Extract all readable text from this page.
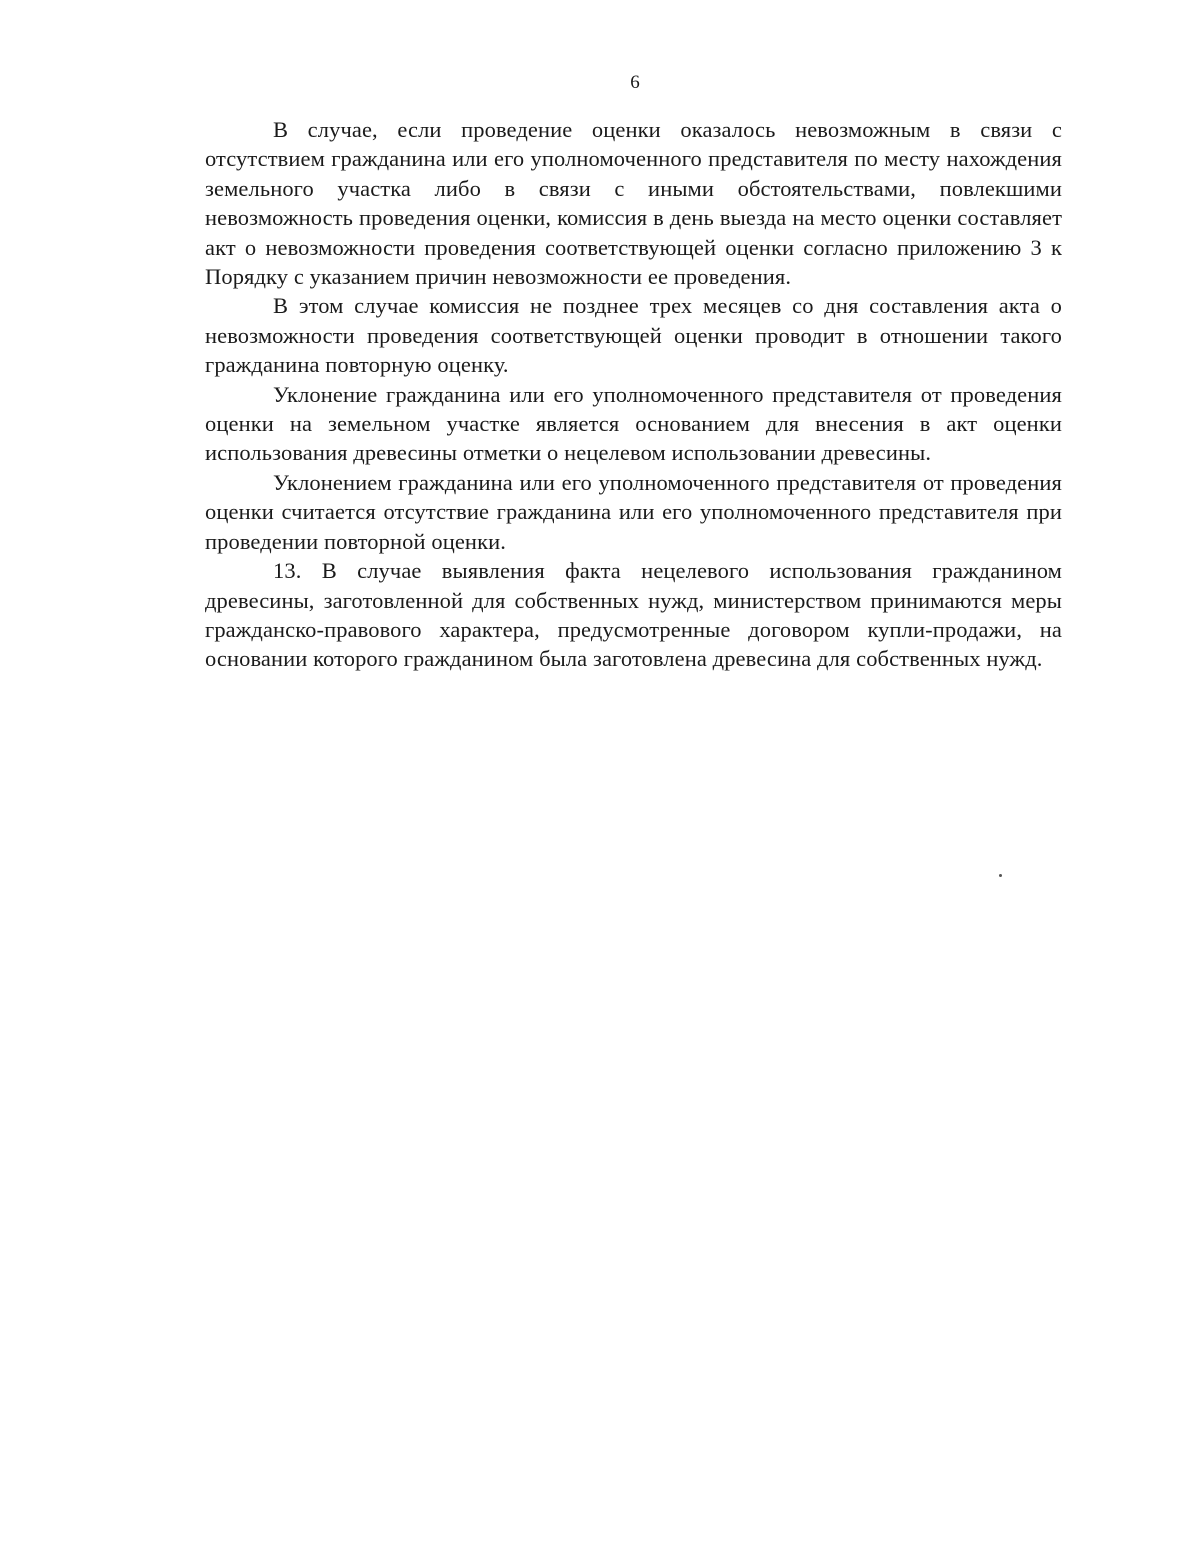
6

В случае, если проведение оценки оказалось невозможным в связи с отсутствием гражданина или его уполномоченного представителя по месту нахождения земельного участка либо в связи с иными обстоятельствами, повлекшими невозможность проведения оценки, комиссия в день выезда на место оценки составляет акт о невозможности проведения соответствующей оценки согласно приложению 3 к Порядку с указанием причин невозможности ее проведения.

В этом случае комиссия не позднее трех месяцев со дня составления акта о невозможности проведения соответствующей оценки проводит в отношении такого гражданина повторную оценку.

Уклонение гражданина или его уполномоченного представителя от проведения оценки на земельном участке является основанием для внесения в акт оценки использования древесины отметки о нецелевом использовании древесины.

Уклонением гражданина или его уполномоченного представителя от проведения оценки считается отсутствие гражданина или его уполномоченного представителя при проведении повторной оценки.

13. В случае выявления факта нецелевого использования гражданином древесины, заготовленной для собственных нужд, министерством принимаются меры гражданско-правового характера, предусмотренные договором купли-продажи, на основании которого гражданином была заготовлена древесина для собственных нужд.
